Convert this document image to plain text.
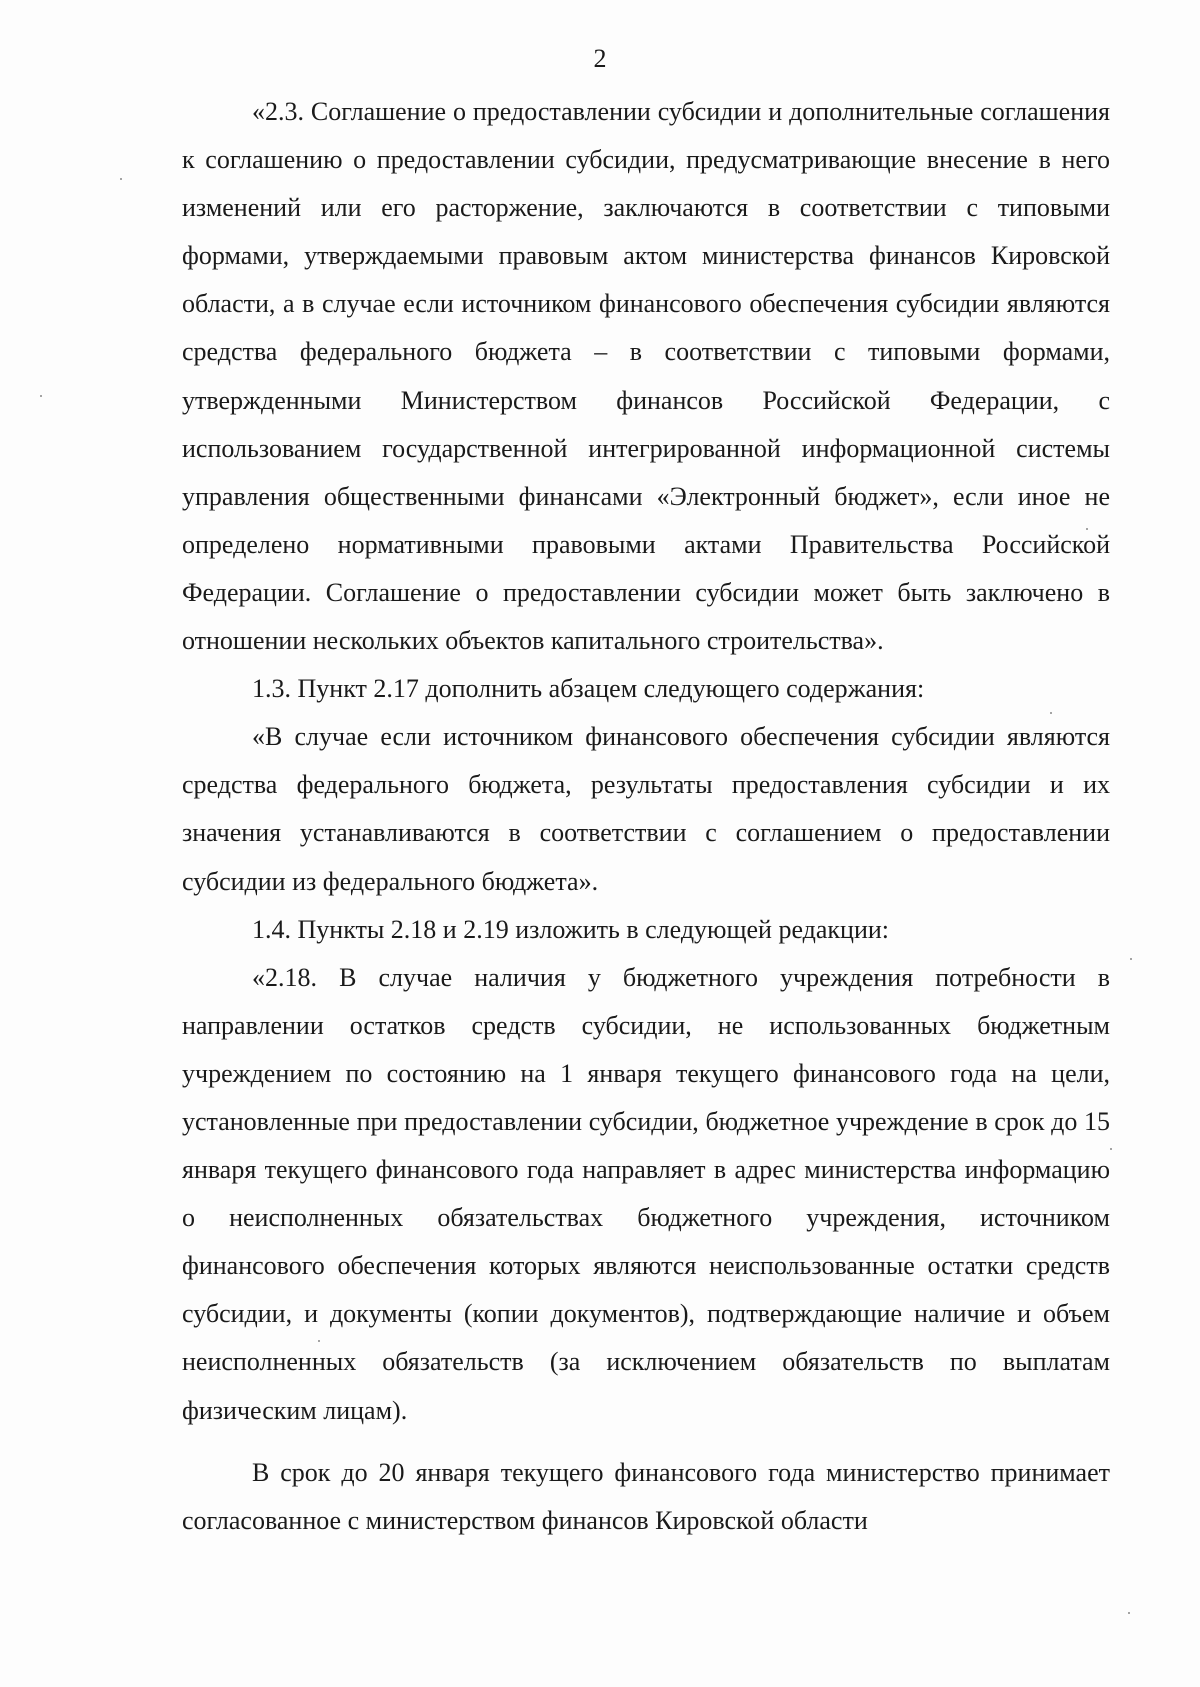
2

«2.3. Соглашение о предоставлении субсидии и дополнительные соглашения к соглашению о предоставлении субсидии, предусматривающие внесение в него изменений или его расторжение, заключаются в соответствии с типовыми формами, утверждаемыми правовым актом министерства финансов Кировской области, а в случае если источником финансового обеспечения субсидии являются средства федерального бюджета – в соответствии с типовыми формами, утвержденными Министерством финансов Российской Федерации, с использованием государственной интегрированной информационной системы управления общественными финансами «Электронный бюджет», если иное не определено нормативными правовыми актами Правительства Российской Федерации. Соглашение о предоставлении субсидии может быть заключено в отношении нескольких объектов капитального строительства».

1.3. Пункт 2.17 дополнить абзацем следующего содержания:

«В случае если источником финансового обеспечения субсидии являются средства федерального бюджета, результаты предоставления субсидии и их значения устанавливаются в соответствии с соглашением о предоставлении субсидии из федерального бюджета».

1.4. Пункты 2.18 и 2.19 изложить в следующей редакции:

«2.18. В случае наличия у бюджетного учреждения потребности в направлении остатков средств субсидии, не использованных бюджетным учреждением по состоянию на 1 января текущего финансового года на цели, установленные при предоставлении субсидии, бюджетное учреждение в срок до 15 января текущего финансового года направляет в адрес министерства информацию о неисполненных обязательствах бюджетного учреждения, источником финансового обеспечения которых являются неиспользованные остатки средств субсидии, и документы (копии документов), подтверждающие наличие и объем неисполненных обязательств (за исключением обязательств по выплатам физическим лицам).

В срок до 20 января текущего финансового года министерство принимает согласованное с министерством финансов Кировской области
